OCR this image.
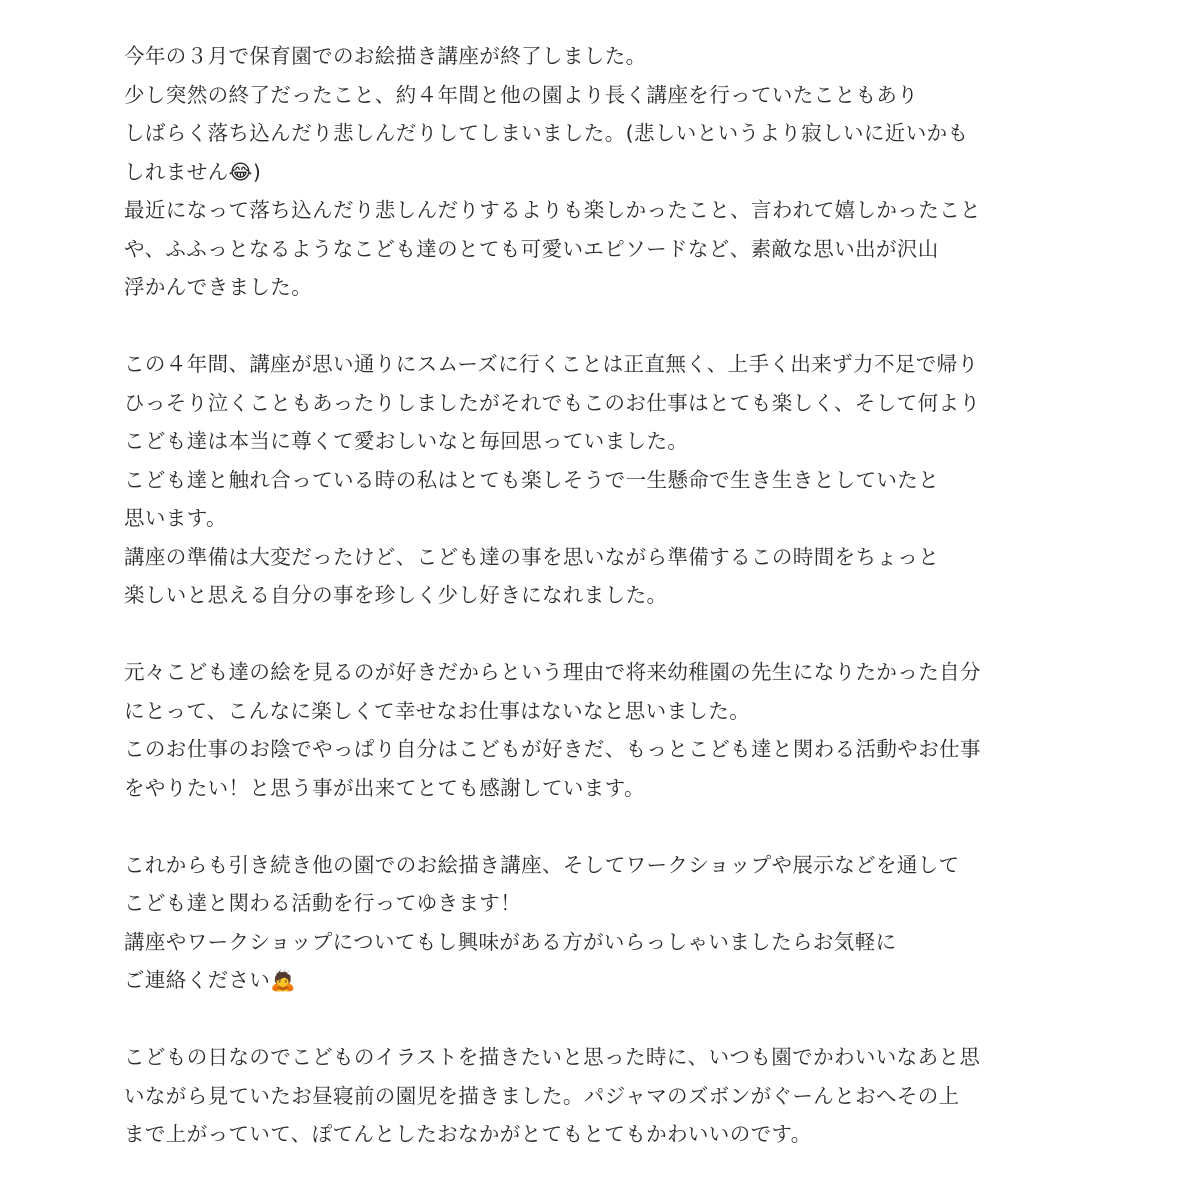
今年の３月で保育園でのお絵描き講座が終了しました。
少し突然の終了だったこと、約４年間と他の園より長く講座を行っていたこともあり
しばらく落ち込んだり悲しんだりしてしまいました。(悲しいというより寂しいに近いかも
しれません😂)
最近になって落ち込んだり悲しんだりするよりも楽しかったこと、言われて嬉しかったこと
や、ふふっとなるようなこども達のとても可愛いエピソードなど、素敵な思い出が沢山
浮かんできました。
この４年間、講座が思い通りにスムーズに行くことは正直無く、上手く出来ず力不足で帰り
ひっそり泣くこともあったりしましたがそれでもこのお仕事はとても楽しく、そして何より
こども達は本当に尊くて愛おしいなと毎回思っていました。
こども達と触れ合っている時の私はとても楽しそうで一生懸命で生き生きとしていたと
思います。
講座の準備は大変だったけど、こども達の事を思いながら準備するこの時間をちょっと
楽しいと思える自分の事を珍しく少し好きになれました。
元々こども達の絵を見るのが好きだからという理由で将来幼稚園の先生になりたかった自分
にとって、こんなに楽しくて幸せなお仕事はないなと思いました。
このお仕事のお陰でやっぱり自分はこどもが好きだ、もっとこども達と関わる活動やお仕事
をやりたい！と思う事が出来てとても感謝しています。
これからも引き続き他の園でのお絵描き講座、そしてワークショップや展示などを通して
こども達と関わる活動を行ってゆきます！
講座やワークショップについてもし興味がある方がいらっしゃいましたらお気軽に
ご連絡ください🙇
こどもの日なのでこどものイラストを描きたいと思った時に、いつも園でかわいいなあと思
いながら見ていたお昼寝前の園児を描きました。パジャマのズボンがぐーんとおへその上
まで上がっていて、ぽてんとしたおなかがとてもとてもかわいいのです。
